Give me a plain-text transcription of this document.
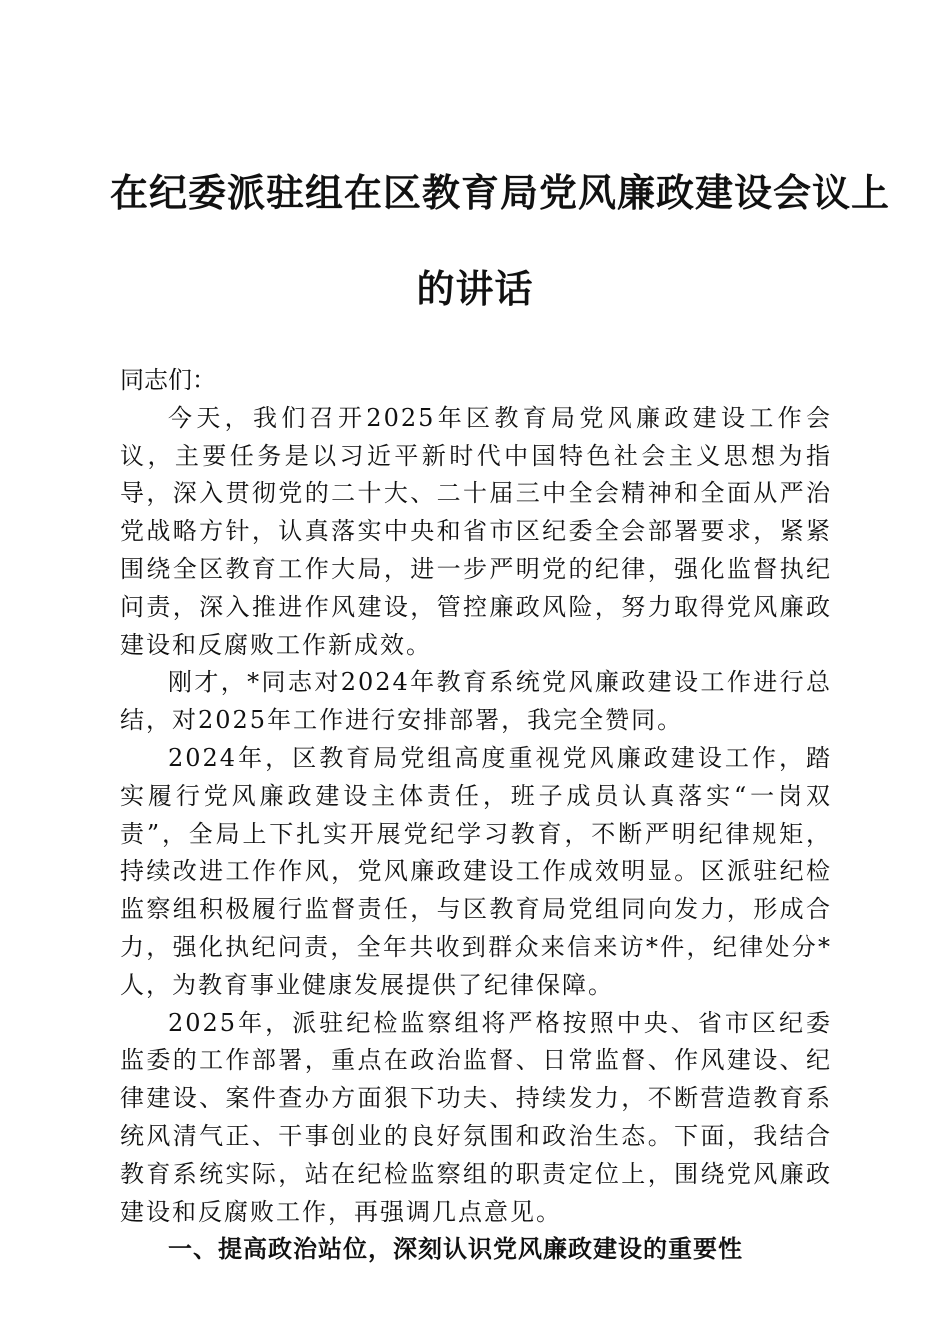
在纪委派驻组在区教育局党风廉政建设会议上
的讲话

同志们：

今天，我们召开2025年区教育局党风廉政建设工作会议，主要任务是以习近平新时代中国特色社会主义思想为指导，深入贯彻党的二十大、二十届三中全会精神和全面从严治党战略方针，认真落实中央和省市区纪委全会部署要求，紧紧围绕全区教育工作大局，进一步严明党的纪律，强化监督执纪问责，深入推进作风建设，管控廉政风险，努力取得党风廉政建设和反腐败工作新成效。

刚才，*同志对2024年教育系统党风廉政建设工作进行总结，对2025年工作进行安排部署，我完全赞同。

2024年，区教育局党组高度重视党风廉政建设工作，踏实履行党风廉政建设主体责任，班子成员认真落实“一岗双责”，全局上下扎实开展党纪学习教育，不断严明纪律规矩，持续改进工作作风，党风廉政建设工作成效明显。区派驻纪检监察组积极履行监督责任，与区教育局党组同向发力，形成合力，强化执纪问责，全年共收到群众来信来访*件，纪律处分*人，为教育事业健康发展提供了纪律保障。

2025年，派驻纪检监察组将严格按照中央、省市区纪委监委的工作部署，重点在政治监督、日常监督、作风建设、纪律建设、案件查办方面狠下功夫、持续发力，不断营造教育系统风清气正、干事创业的良好氛围和政治生态。下面，我结合教育系统实际，站在纪检监察组的职责定位上，围绕党风廉政建设和反腐败工作，再强调几点意见。

一、提高政治站位，深刻认识党风廉政建设的重要性
